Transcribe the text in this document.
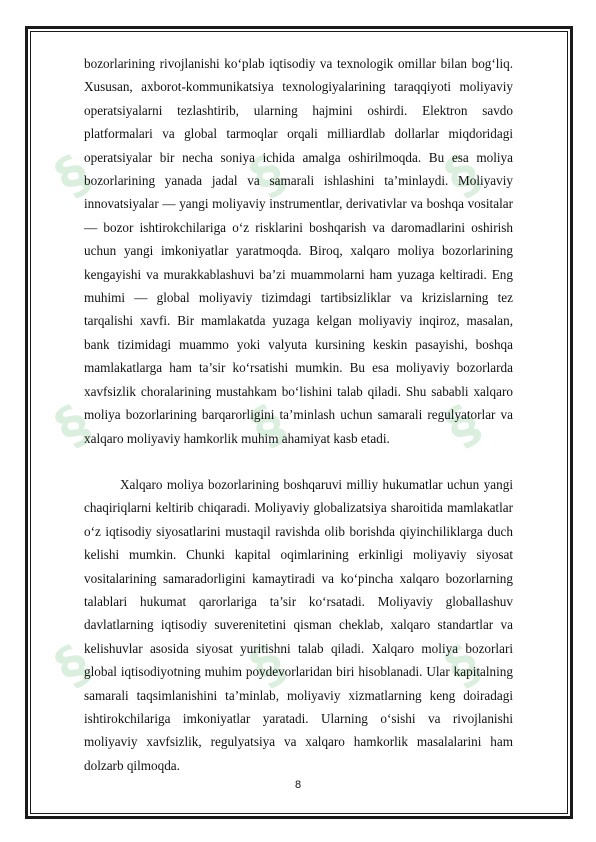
§	§
§	§
§	§
§
§
§

bozorlarining rivojlanishi ko‘plab iqtisodiy va texnologik omillar bilan bog‘liq. Xususan, axborot-kommunikatsiya texnologiyalarining taraqqiyoti moliyaviy operatsiyalarni tezlashtirib, ularning hajmini oshirdi. Elektron savdo platformalari va global tarmoqlar orqali milliardlab dollarlar miqdoridagi operatsiyalar bir necha soniya ichida amalga oshirilmoqda. Bu esa moliya bozorlarining yanada jadal va samarali ishlashini ta’minlaydi. Moliyaviy innovatsiyalar — yangi moliyaviy instrumentlar, derivativlar va boshqa vositalar — bozor ishtirokchilariga o‘z risklarini boshqarish va daromadlarini oshirish uchun yangi imkoniyatlar yaratmoqda. Biroq, xalqaro moliya bozorlarining kengayishi va murakkablashuvi ba’zi muammolarni ham yuzaga keltiradi. Eng muhimi — global moliyaviy tizimdagi tartibsizliklar va krizislarning tez tarqalishi xavfi. Bir mamlakatda yuzaga kelgan moliyaviy inqiroz, masalan, bank tizimidagi muammo yoki valyuta kursining keskin pasayishi, boshqa mamlakatlarga ham ta’sir ko‘rsatishi mumkin. Bu esa moliyaviy bozorlarda xavfsizlik choralarining mustahkam bo‘lishini talab qiladi. Shu sababli xalqaro moliya bozorlarining barqarorligini ta’minlash uchun samarali regulyatorlar va xalqaro moliyaviy hamkorlik muhim ahamiyat kasb etadi.

Xalqaro moliya bozorlarining boshqaruvi milliy hukumatlar uchun yangi chaqiriqlarni keltirib chiqaradi. Moliyaviy globalizatsiya sharoitida mamlakatlar o‘z iqtisodiy siyosatlarini mustaqil ravishda olib borishda qiyinchiliklarga duch kelishi mumkin. Chunki kapital oqimlarining erkinligi moliyaviy siyosat vositalarining samaradorligini kamaytiradi va ko‘pincha xalqaro bozorlarning talablari hukumat qarorlariga ta’sir ko‘rsatadi. Moliyaviy globallashuv davlatlarning iqtisodiy suverenitetini qisman cheklab, xalqaro standartlar va kelishuvlar asosida siyosat yuritishni talab qiladi. Xalqaro moliya bozorlari global iqtisodiyotning muhim poydevorlaridan biri hisoblanadi. Ular kapitalning samarali taqsimlanishini ta’minlab, moliyaviy xizmatlarning keng doiradagi ishtirokchilariga imkoniyatlar yaratadi. Ularning o‘sishi va rivojlanishi moliyaviy xavfsizlik, regulyatsiya va xalqaro hamkorlik masalalarini ham dolzarb qilmoqda.

8
